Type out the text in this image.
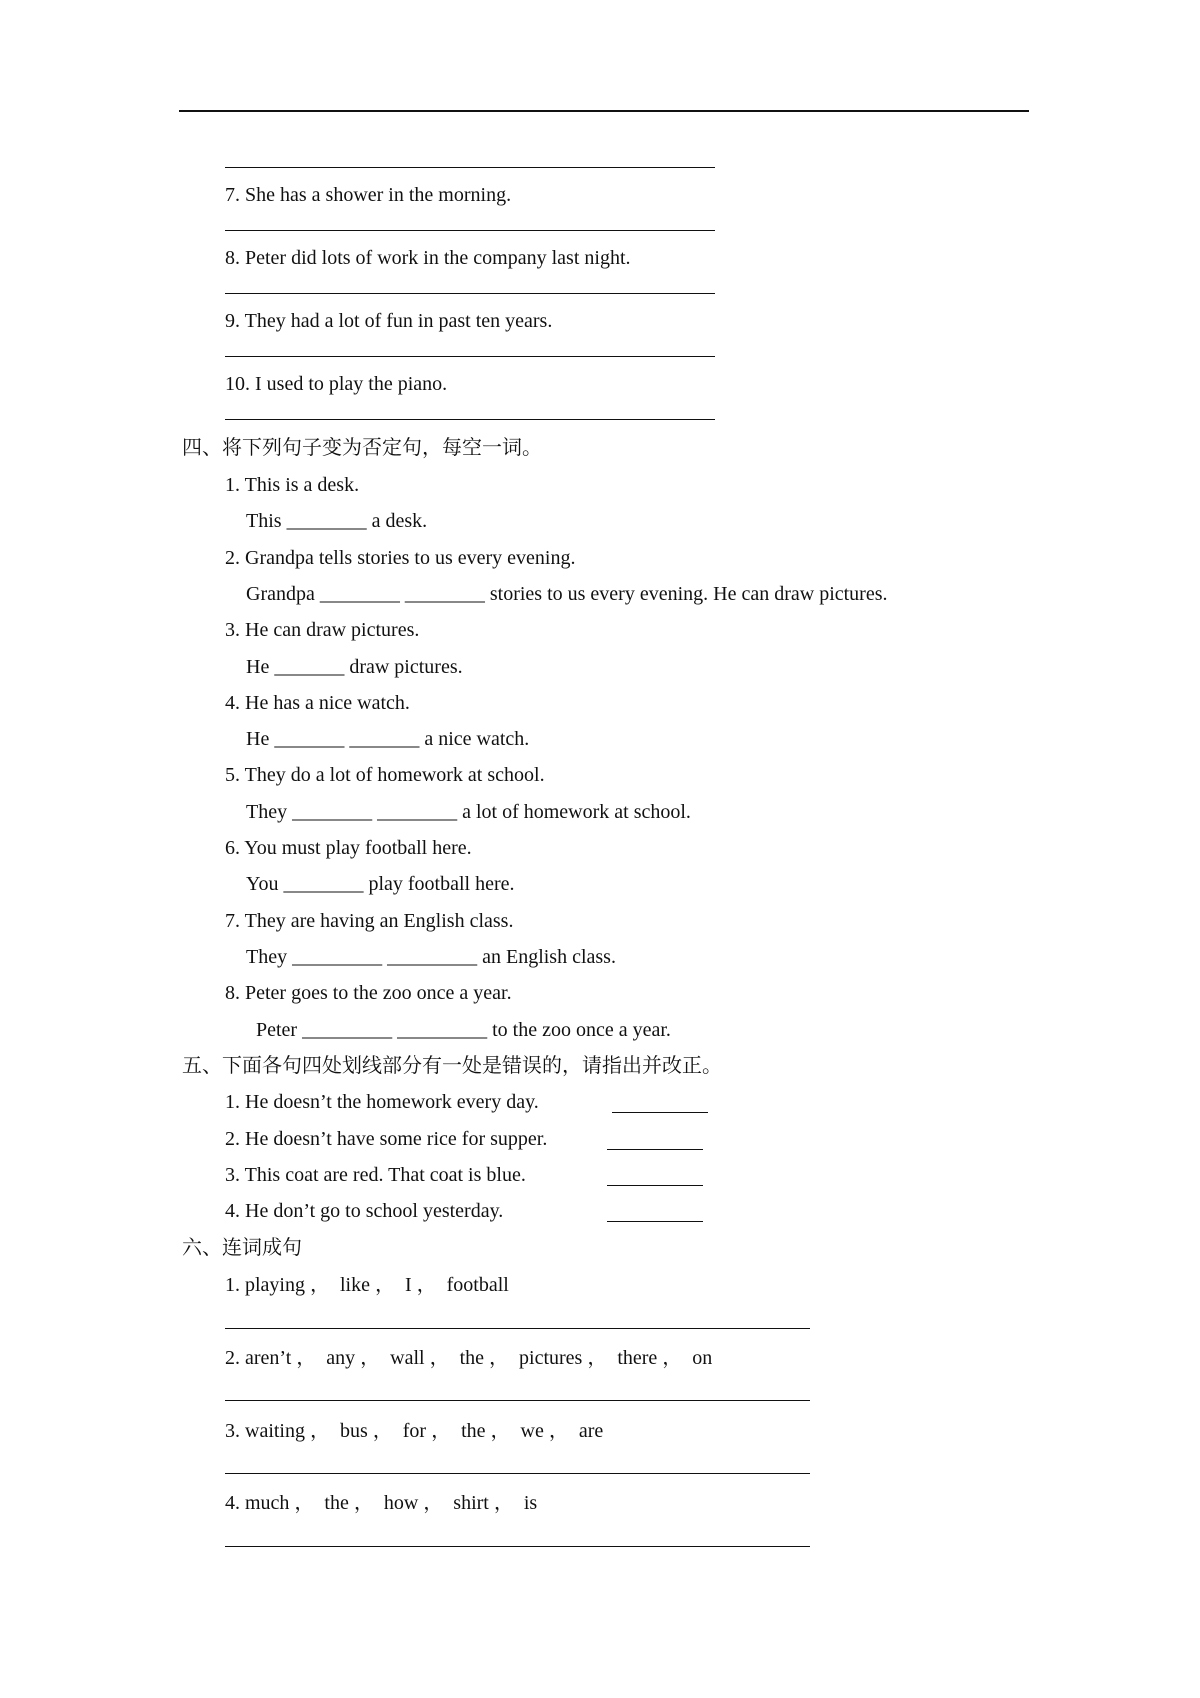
7. She has a shower in the morning.
8. Peter did lots of work in the company last night.
9. They had a lot of fun in past ten years.
10. I used to play the piano.
四、将下列句子变为否定句，每空一词。
1. This is a desk.
This ________ a desk.
2. Grandpa tells stories to us every evening.
Grandpa ________ ________ stories to us every evening. He can draw pictures.
3. He can draw pictures.
He _______ draw pictures.
4. He has a nice watch.
He _______ _______ a nice watch.
5. They do a lot of homework at school.
They ________ ________ a lot of homework at school.
6. You must play football here.
You ________ play football here.
7. They are having an English class.
They _________ _________ an English class.
8. Peter goes to the zoo once a year.
Peter _________ _________ to the zoo once a year.
五、下面各句四处划线部分有一处是错误的，请指出并改正。
1. He doesn’t the homework every day.
2. He doesn’t have some rice for supper.
3. This coat are red. That coat is blue.
4. He don’t go to school yesterday.
六、连词成句
1. playing ，  like ，  I ，  football
2. aren’t ，  any ，  wall ，  the ，  pictures ，  there ，  on
3. waiting ，  bus ，  for ，  the ，  we ，  are
4. much ，  the ，  how ，  shirt ，  is
